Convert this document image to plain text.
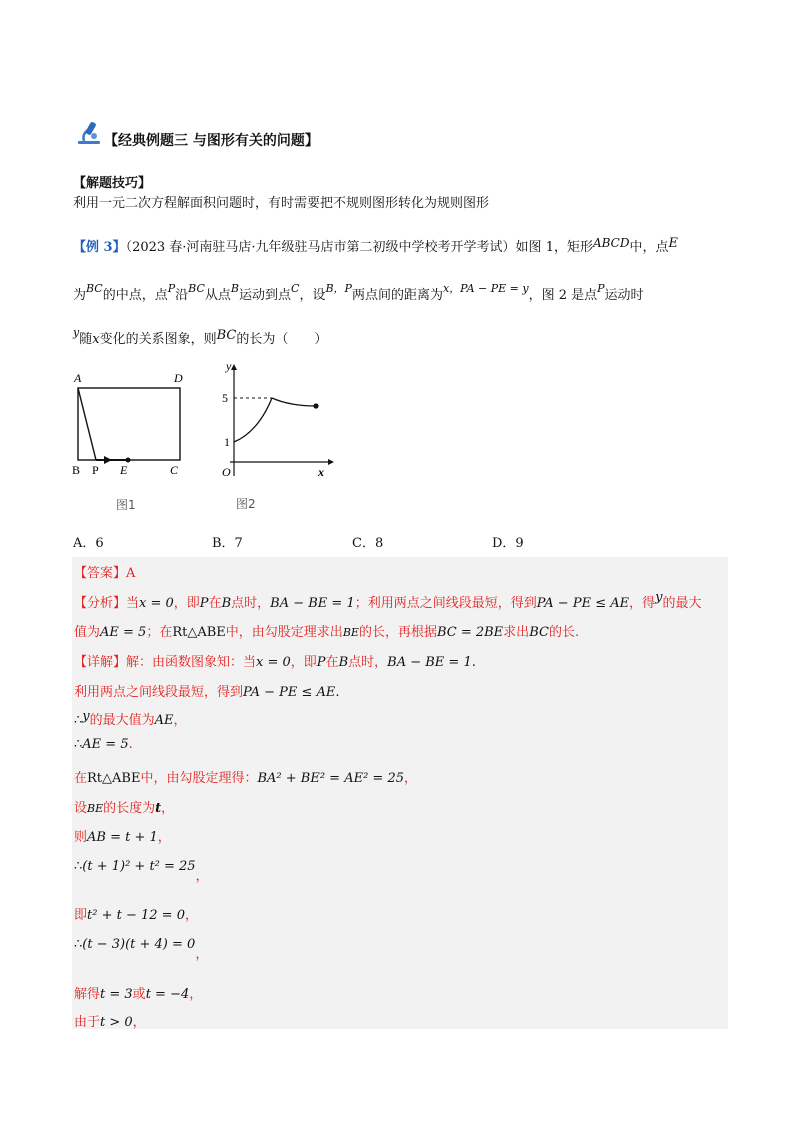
【经典例题三 与图形有关的问题】
【解题技巧】
利用一元二次方程解面积问题时，有时需要把不规则图形转化为规则图形
【例 3】（2023 春·河南驻马店·九年级驻马店市第二初级中学校考开学考试）如图 1，矩形ABCD中，点E
为$^{BC}$的中点，点$^P$沿$^{BC}$从点$^B$运动到点$^C$，设$^{B,P}$两点间的距离为$^{x,PA - PE = y}$，图 2 是点$^P$运动时
$^y$随x变化的关系图象，则BC的长为（　　）
A	D
B P E	C
图1
y
x
O
5
1
图2
A．6	B．7	C．8	D．9
【答案】A
【分析】当x = 0，即P在B点时，BA − BE = 1；利用两点之间线段最短，得到PA − PE ≤ AE，得y的最大
值为AE = 5；在Rt△ABE中，由勾股定理求出BE的长，再根据BC = 2BE求出BC的长.
【详解】解：由函数图象知：当x = 0，即P在B点时，BA − BE = 1.
利用两点之间线段最短，得到PA − PE ≤ AE.
∴y的最大值为AE，
∴AE = 5.
在Rt△ABE中，由勾股定理得：BA² + BE² = AE² = 25，
设BE的长度为t，
则AB = t + 1，
∴(t + 1)² + t² = 25，
即t² + t − 12 = 0，
∴(t − 3)(t + 4) = 0，
解得t = 3或t = −4，
由于t > 0，
